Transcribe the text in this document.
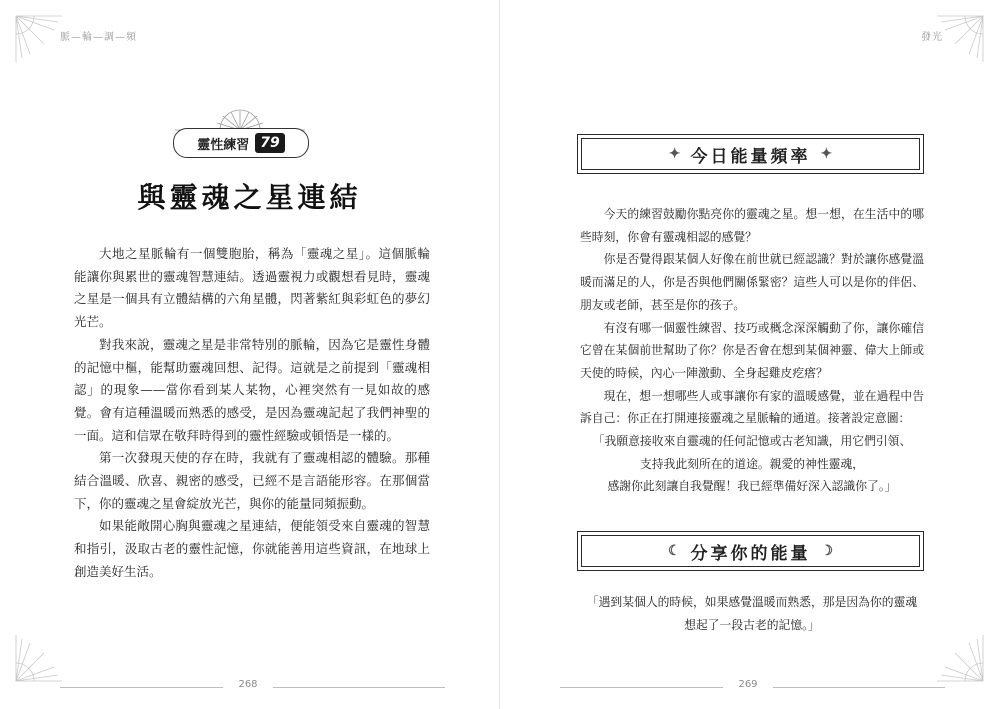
脈—輪—調—頻
靈性練習 79
與靈魂之星連結

大地之星脈輪有一個雙胞胎，稱為「靈魂之星」。這個脈輪能讓你與累世的靈魂智慧連結。透過靈視力或觀想看見時，靈魂之星是一個具有立體結構的六角星體，閃著紫紅與彩虹色的夢幻光芒。

對我來說，靈魂之星是非常特別的脈輪，因為它是靈性身體的記憶中樞，能幫助靈魂回想、記得。這就是之前提到「靈魂相認」的現象——當你看到某人某物，心裡突然有一見如故的感覺。會有這種溫暖而熟悉的感受，是因為靈魂記起了我們神聖的一面。這和信眾在敬拜時得到的靈性經驗或頓悟是一樣的。

第一次發現天使的存在時，我就有了靈魂相認的體驗。那種結合溫暖、欣喜、親密的感受，已經不是言語能形容。在那個當下，你的靈魂之星會綻放光芒，與你的能量同頻振動。

如果能敞開心胸與靈魂之星連結，便能領受來自靈魂的智慧和指引，汲取古老的靈性記憶，你就能善用這些資訊，在地球上創造美好生活。

268
發光
269
✦ 今日能量頻率 ✦

今天的練習鼓勵你點亮你的靈魂之星。想一想，在生活中的哪些時刻，你會有靈魂相認的感覺？

你是否覺得跟某個人好像在前世就已經認識？對於讓你感覺溫暖而滿足的人，你是否與他們關係緊密？這些人可以是你的伴侶、朋友或老師，甚至是你的孩子。

有沒有哪一個靈性練習、技巧或概念深深觸動了你，讓你確信它曾在某個前世幫助了你？你是否會在想到某個神靈、偉大上師或天使的時候，內心一陣激動、全身起雞皮疙瘩？

現在，想一想哪些人或事讓你有家的溫暖感覺，並在過程中告訴自己：你正在打開連接靈魂之星脈輪的通道。接著設定意圖：

「我願意接收來自靈魂的任何記憶或古老知識，用它們引領、

支持我此刻所在的道途。親愛的神性靈魂，

感謝你此刻讓自我覺醒！我已經準備好深入認識你了。」

☾ 分享你的能量 ☽
「遇到某個人的時候，如果感覺溫暖而熟悉，那是因為你的靈魂
想起了一段古老的記憶。」
